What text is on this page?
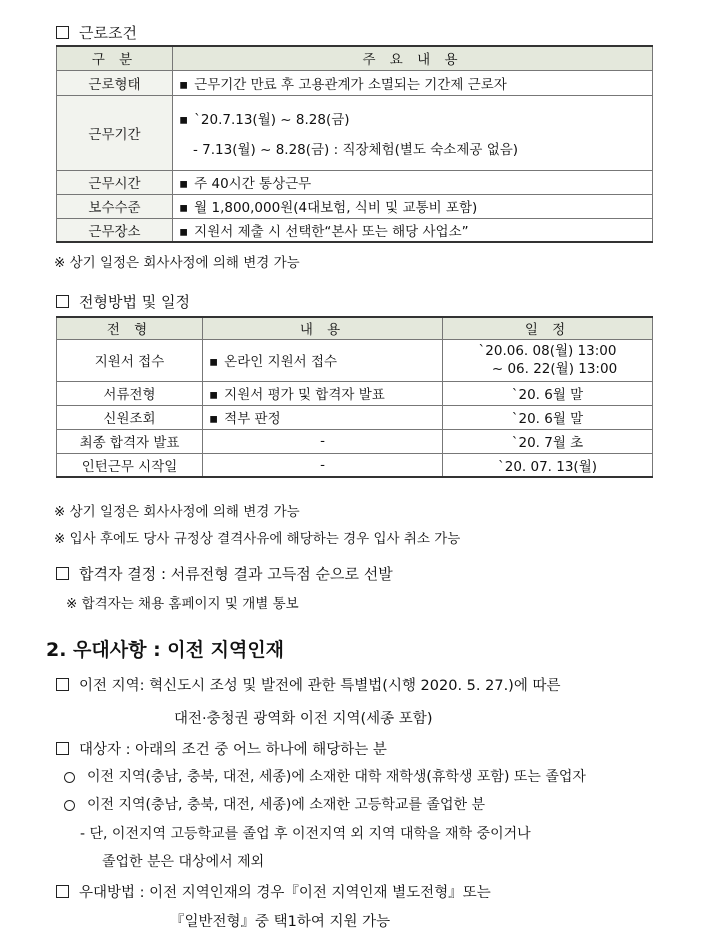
근로조건
구 분	주 요 내 용
근로형태	▪ 근무기간 만료 후 고용관계가 소멸되는 기간제 근로자
근무기간	▪ `20.7.13(월) ~ 8.28(금)
- 7.13(월) ~ 8.28(금) : 직장체험(별도 숙소제공 없음)

근무시간	▪ 주 40시간 통상근무
보수수준	▪ 월 1,800,000원(4대보험, 식비 및 교통비 포함)
근무장소	▪ 지원서 제출 시 선택한“본사 또는 해당 사업소”
※ 상기 일정은 회사사정에 의해 변경 가능
전형방법 및 일정
전 형	내 용	일 정
지원서 접수	▪ 온라인 지원서 접수	`20.06. 08(월) 13:00
~ 06. 22(월) 13:00

서류전형	▪ 지원서 평가 및 합격자 발표	`20. 6월 말
신원조회	▪ 적부 판정	`20. 6월 말
최종 합격자 발표	-	`20. 7월 초
인턴근무 시작일	-	`20. 07. 13(월)
※ 상기 일정은 회사사정에 의해 변경 가능
※ 입사 후에도 당사 규정상 결격사유에 해당하는 경우 입사 취소 가능
합격자 결정 : 서류전형 결과 고득점 순으로 선발
※ 합격자는 채용 홈페이지 및 개별 통보
2. 우대사항 : 이전 지역인재
이전 지역: 혁신도시 조성 및 발전에 관한 특별법(시행 2020. 5. 27.)에 따른
대전·충청권 광역화 이전 지역(세종 포함)
대상자 : 아래의 조건 중 어느 하나에 해당하는 분
이전 지역(충남, 충북, 대전, 세종)에 소재한 대학 재학생(휴학생 포함) 또는 졸업자
이전 지역(충남, 충북, 대전, 세종)에 소재한 고등학교를 졸업한 분
- 단, 이전지역 고등학교를 졸업 후 이전지역 외 지역 대학을 재학 중이거나
졸업한 분은 대상에서 제외
우대방법 : 이전 지역인재의 경우『이전 지역인재 별도전형』또는
『일반전형』중 택1하여 지원 가능
